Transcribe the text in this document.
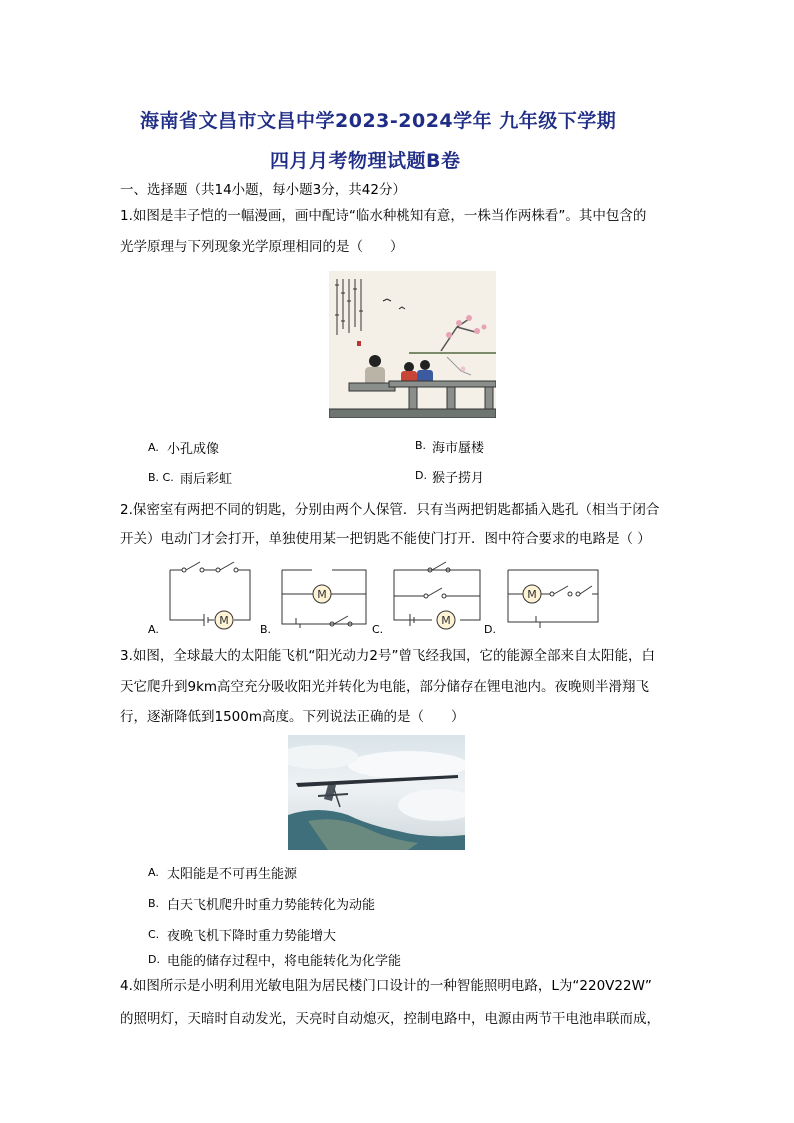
海南省文昌市文昌中学2023-2024学年 九年级下学期
四月月考物理试题B卷
一、选择题（共14小题，每小题3分，共42分）
1.如图是丰子恺的一幅漫画，画中配诗“临水种桃知有意，一株当作两株看”。其中包含的
光学原理与下列现象光学原理相同的是（　　）
A. 小孔成像	B. 海市蜃楼
B. C. 雨后彩虹	D. 猴子捞月
2.保密室有两把不同的钥匙，分别由两个人保管．只有当两把钥匙都插入匙孔（相当于闭合
开关）电动门才会打开，单独使用某一把钥匙不能使门打开．图中符合要求的电路是（ ）
M
M
M
M
A.	B.	C.	D.
3.如图，全球最大的太阳能飞机“阳光动力2号”曾飞经我国，它的能源全部来自太阳能，白
天它爬升到9km高空充分吸收阳光并转化为电能，部分储存在锂电池内。夜晚则半滑翔飞
行，逐渐降低到1500m高度。下列说法正确的是（　　）
A. 太阳能是不可再生能源
B. 白天飞机爬升时重力势能转化为动能
C. 夜晚飞机下降时重力势能增大
D. 电能的储存过程中，将电能转化为化学能
4.如图所示是小明利用光敏电阻为居民楼门口设计的一种智能照明电路，L为“220V22W”
的照明灯，天暗时自动发光，天亮时自动熄灭，控制电路中，电源由两节干电池串联而成，
